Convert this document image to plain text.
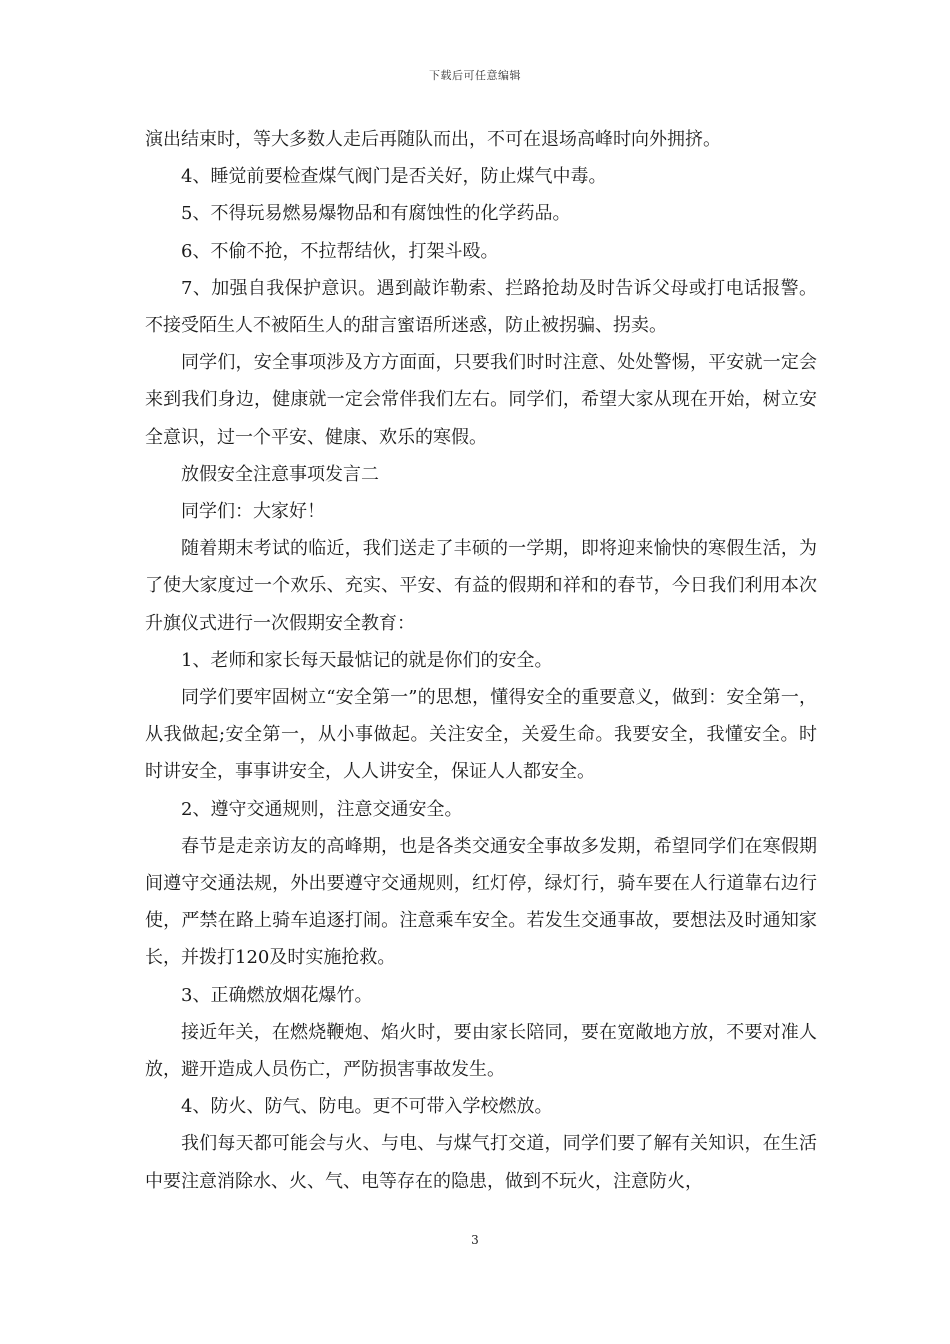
下载后可任意编辑

演出结束时，等大多数人走后再随队而出，不可在退场高峰时向外拥挤。

4、睡觉前要检查煤气阀门是否关好，防止煤气中毒。

5、不得玩易燃易爆物品和有腐蚀性的化学药品。

6、不偷不抢，不拉帮结伙，打架斗殴。

7、加强自我保护意识。遇到敲诈勒索、拦路抢劫及时告诉父母或打电话报警。不接受陌生人不被陌生人的甜言蜜语所迷惑，防止被拐骗、拐卖。

同学们，安全事项涉及方方面面，只要我们时时注意、处处警惕，平安就一定会来到我们身边，健康就一定会常伴我们左右。同学们，希望大家从现在开始，树立安全意识，过一个平安、健康、欢乐的寒假。

放假安全注意事项发言二

同学们：大家好！

随着期末考试的临近，我们送走了丰硕的一学期，即将迎来愉快的寒假生活，为了使大家度过一个欢乐、充实、平安、有益的假期和祥和的春节，今日我们利用本次升旗仪式进行一次假期安全教育：

1、老师和家长每天最惦记的就是你们的安全。

同学们要牢固树立“安全第一”的思想，懂得安全的重要意义，做到：安全第一，从我做起;安全第一，从小事做起。关注安全，关爱生命。我要安全，我懂安全。时时讲安全，事事讲安全，人人讲安全，保证人人都安全。

2、遵守交通规则，注意交通安全。

春节是走亲访友的高峰期，也是各类交通安全事故多发期，希望同学们在寒假期间遵守交通法规，外出要遵守交通规则，红灯停，绿灯行，骑车要在人行道靠右边行使，严禁在路上骑车追逐打闹。注意乘车安全。若发生交通事故，要想法及时通知家长，并拨打120及时实施抢救。

3、正确燃放烟花爆竹。

接近年关，在燃烧鞭炮、焰火时，要由家长陪同，要在宽敞地方放，不要对准人放，避开造成人员伤亡，严防损害事故发生。

4、防火、防气、防电。更不可带入学校燃放。

我们每天都可能会与火、与电、与煤气打交道，同学们要了解有关知识，在生活中要注意消除水、火、气、电等存在的隐患，做到不玩火，注意防火，

3
